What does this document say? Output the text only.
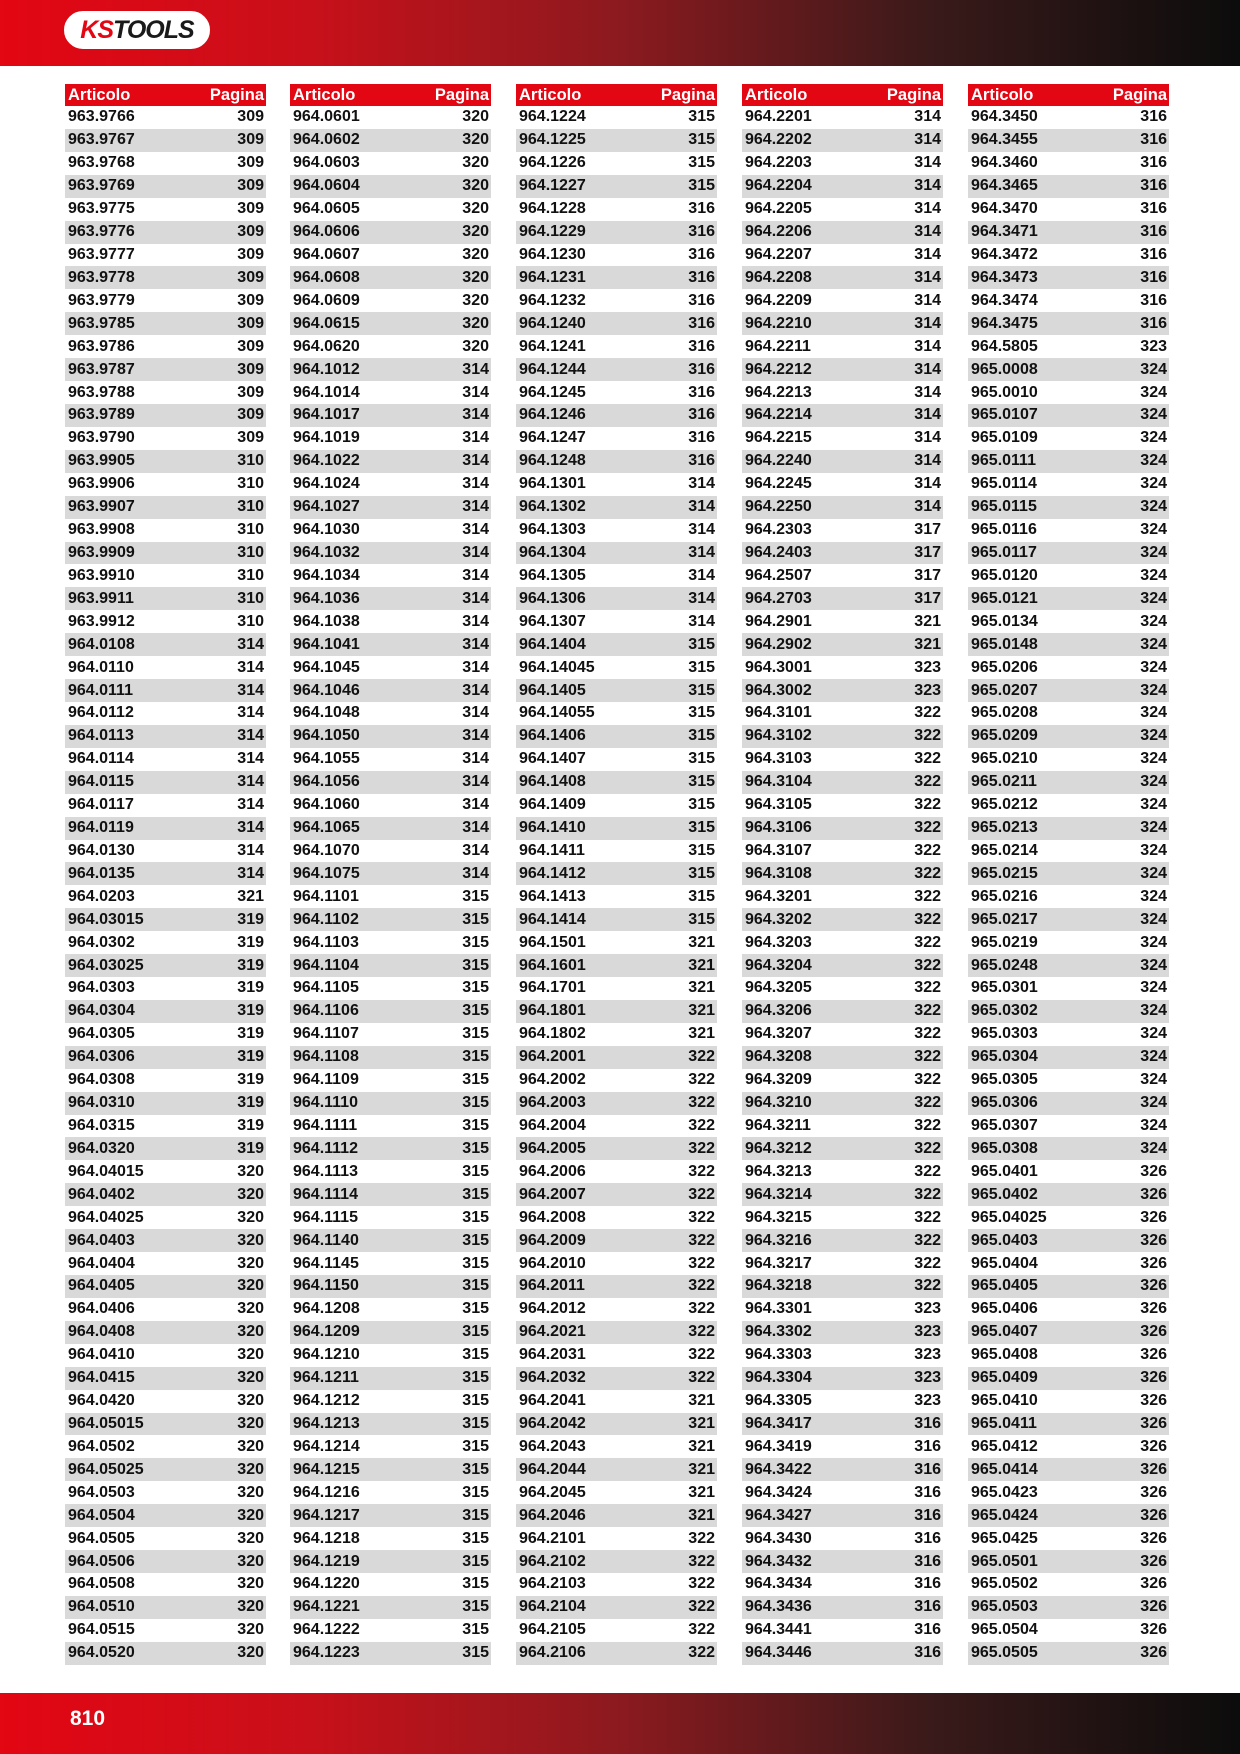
KS TOOLS
Articolo	Pagina
963.9766	309
963.9767	309
963.9768	309
963.9769	309
963.9775	309
963.9776	309
963.9777	309
963.9778	309
963.9779	309
963.9785	309
963.9786	309
963.9787	309
963.9788	309
963.9789	309
963.9790	309
963.9905	310
963.9906	310
963.9907	310
963.9908	310
963.9909	310
963.9910	310
963.9911	310
963.9912	310
964.0108	314
964.0110	314
964.0111	314
964.0112	314
964.0113	314
964.0114	314
964.0115	314
964.0117	314
964.0119	314
964.0130	314
964.0135	314
964.0203	321
964.03015	319
964.0302	319
964.03025	319
964.0303	319
964.0304	319
964.0305	319
964.0306	319
964.0308	319
964.0310	319
964.0315	319
964.0320	319
964.04015	320
964.0402	320
964.04025	320
964.0403	320
964.0404	320
964.0405	320
964.0406	320
964.0408	320
964.0410	320
964.0415	320
964.0420	320
964.05015	320
964.0502	320
964.05025	320
964.0503	320
964.0504	320
964.0505	320
964.0506	320
964.0508	320
964.0510	320
964.0515	320
964.0520	320
Articolo	Pagina
964.0601	320
964.0602	320
964.0603	320
964.0604	320
964.0605	320
964.0606	320
964.0607	320
964.0608	320
964.0609	320
964.0615	320
964.0620	320
964.1012	314
964.1014	314
964.1017	314
964.1019	314
964.1022	314
964.1024	314
964.1027	314
964.1030	314
964.1032	314
964.1034	314
964.1036	314
964.1038	314
964.1041	314
964.1045	314
964.1046	314
964.1048	314
964.1050	314
964.1055	314
964.1056	314
964.1060	314
964.1065	314
964.1070	314
964.1075	314
964.1101	315
964.1102	315
964.1103	315
964.1104	315
964.1105	315
964.1106	315
964.1107	315
964.1108	315
964.1109	315
964.1110	315
964.1111	315
964.1112	315
964.1113	315
964.1114	315
964.1115	315
964.1140	315
964.1145	315
964.1150	315
964.1208	315
964.1209	315
964.1210	315
964.1211	315
964.1212	315
964.1213	315
964.1214	315
964.1215	315
964.1216	315
964.1217	315
964.1218	315
964.1219	315
964.1220	315
964.1221	315
964.1222	315
964.1223	315
Articolo	Pagina
964.1224	315
964.1225	315
964.1226	315
964.1227	315
964.1228	316
964.1229	316
964.1230	316
964.1231	316
964.1232	316
964.1240	316
964.1241	316
964.1244	316
964.1245	316
964.1246	316
964.1247	316
964.1248	316
964.1301	314
964.1302	314
964.1303	314
964.1304	314
964.1305	314
964.1306	314
964.1307	314
964.1404	315
964.14045	315
964.1405	315
964.14055	315
964.1406	315
964.1407	315
964.1408	315
964.1409	315
964.1410	315
964.1411	315
964.1412	315
964.1413	315
964.1414	315
964.1501	321
964.1601	321
964.1701	321
964.1801	321
964.1802	321
964.2001	322
964.2002	322
964.2003	322
964.2004	322
964.2005	322
964.2006	322
964.2007	322
964.2008	322
964.2009	322
964.2010	322
964.2011	322
964.2012	322
964.2021	322
964.2031	322
964.2032	322
964.2041	321
964.2042	321
964.2043	321
964.2044	321
964.2045	321
964.2046	321
964.2101	322
964.2102	322
964.2103	322
964.2104	322
964.2105	322
964.2106	322
Articolo	Pagina
964.2201	314
964.2202	314
964.2203	314
964.2204	314
964.2205	314
964.2206	314
964.2207	314
964.2208	314
964.2209	314
964.2210	314
964.2211	314
964.2212	314
964.2213	314
964.2214	314
964.2215	314
964.2240	314
964.2245	314
964.2250	314
964.2303	317
964.2403	317
964.2507	317
964.2703	317
964.2901	321
964.2902	321
964.3001	323
964.3002	323
964.3101	322
964.3102	322
964.3103	322
964.3104	322
964.3105	322
964.3106	322
964.3107	322
964.3108	322
964.3201	322
964.3202	322
964.3203	322
964.3204	322
964.3205	322
964.3206	322
964.3207	322
964.3208	322
964.3209	322
964.3210	322
964.3211	322
964.3212	322
964.3213	322
964.3214	322
964.3215	322
964.3216	322
964.3217	322
964.3218	322
964.3301	323
964.3302	323
964.3303	323
964.3304	323
964.3305	323
964.3417	316
964.3419	316
964.3422	316
964.3424	316
964.3427	316
964.3430	316
964.3432	316
964.3434	316
964.3436	316
964.3441	316
964.3446	316
Articolo	Pagina
964.3450	316
964.3455	316
964.3460	316
964.3465	316
964.3470	316
964.3471	316
964.3472	316
964.3473	316
964.3474	316
964.3475	316
964.5805	323
965.0008	324
965.0010	324
965.0107	324
965.0109	324
965.0111	324
965.0114	324
965.0115	324
965.0116	324
965.0117	324
965.0120	324
965.0121	324
965.0134	324
965.0148	324
965.0206	324
965.0207	324
965.0208	324
965.0209	324
965.0210	324
965.0211	324
965.0212	324
965.0213	324
965.0214	324
965.0215	324
965.0216	324
965.0217	324
965.0219	324
965.0248	324
965.0301	324
965.0302	324
965.0303	324
965.0304	324
965.0305	324
965.0306	324
965.0307	324
965.0308	324
965.0401	326
965.0402	326
965.04025	326
965.0403	326
965.0404	326
965.0405	326
965.0406	326
965.0407	326
965.0408	326
965.0409	326
965.0410	326
965.0411	326
965.0412	326
965.0414	326
965.0423	326
965.0424	326
965.0425	326
965.0501	326
965.0502	326
965.0503	326
965.0504	326
965.0505	326
810
